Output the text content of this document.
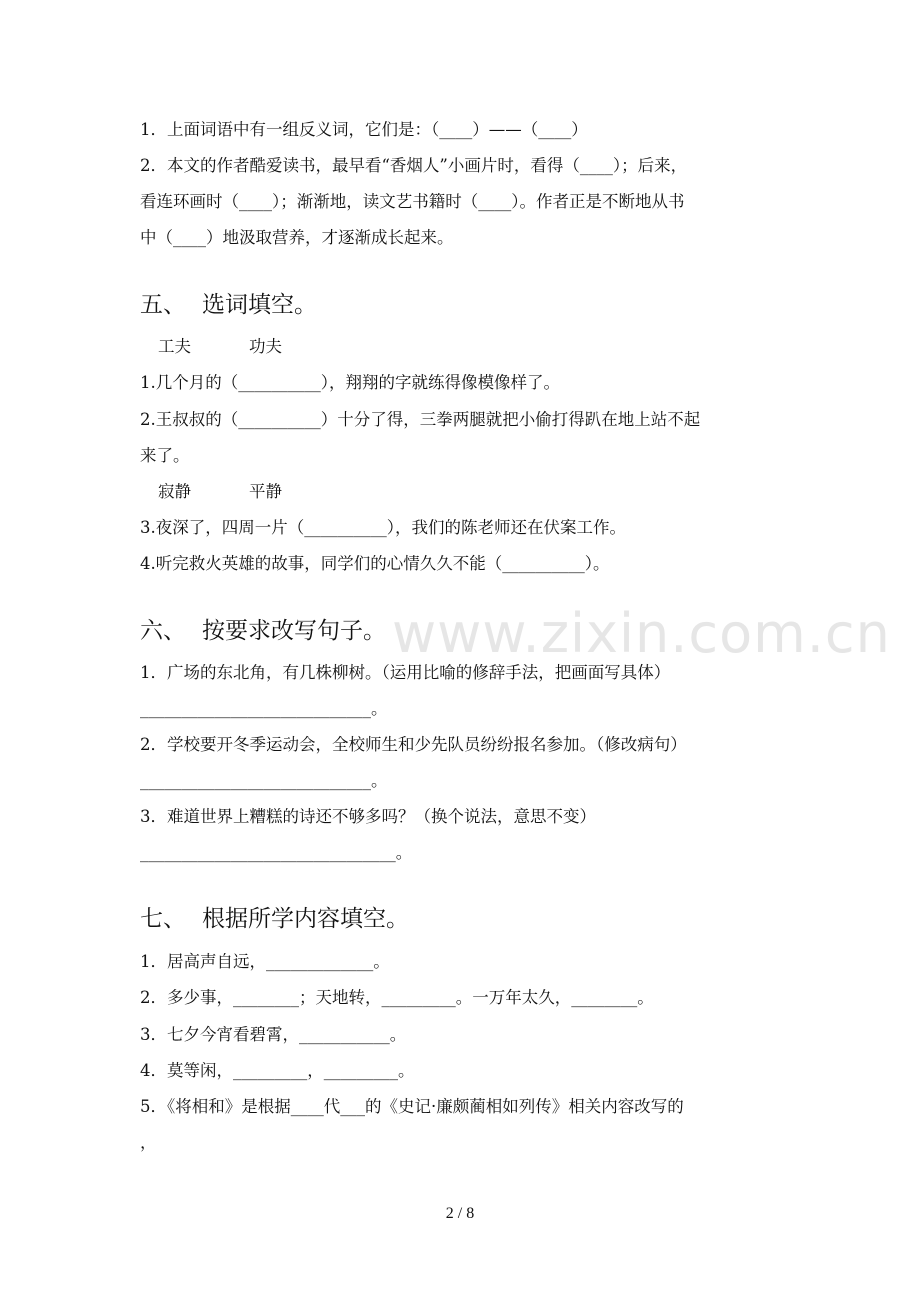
www.zixin.com.cn
1．上面词语中有一组反义词，它们是：（____）——（____）
2．本文的作者酷爱读书，最早看“香烟人”小画片时，看得（____）；后来，
看连环画时（____）；渐渐地，读文艺书籍时（____）。作者正是不断地从书
中（____）地汲取营养，才逐渐成长起来。
五、 选词填空。
工夫	功夫
1.几个月的（__________），翔翔的字就练得像模像样了。
2.王叔叔的（__________）十分了得，三拳两腿就把小偷打得趴在地上站不起
来了。
寂静	平静
3.夜深了，四周一片（__________），我们的陈老师还在伏案工作。
4.听完救火英雄的故事，同学们的心情久久不能（__________）。
六、 按要求改写句子。
1．广场的东北角，有几株柳树。（运用比喻的修辞手法，把画面写具体）
____________________________。
2．学校要开冬季运动会，全校师生和少先队员纷纷报名参加。（修改病句）
____________________________。
3．难道世界上糟糕的诗还不够多吗？（换个说法，意思不变）
_______________________________。
七、 根据所学内容填空。
1．居高声自远，_____________。
2．多少事，________；天地转，_________。一万年太久，________。
3．七夕今宵看碧霄，___________。
4．莫等闲，_________，_________。
5．《将相和》是根据____代___的《史记·廉颇蔺相如列传》相关内容改写的
，
2 / 8
